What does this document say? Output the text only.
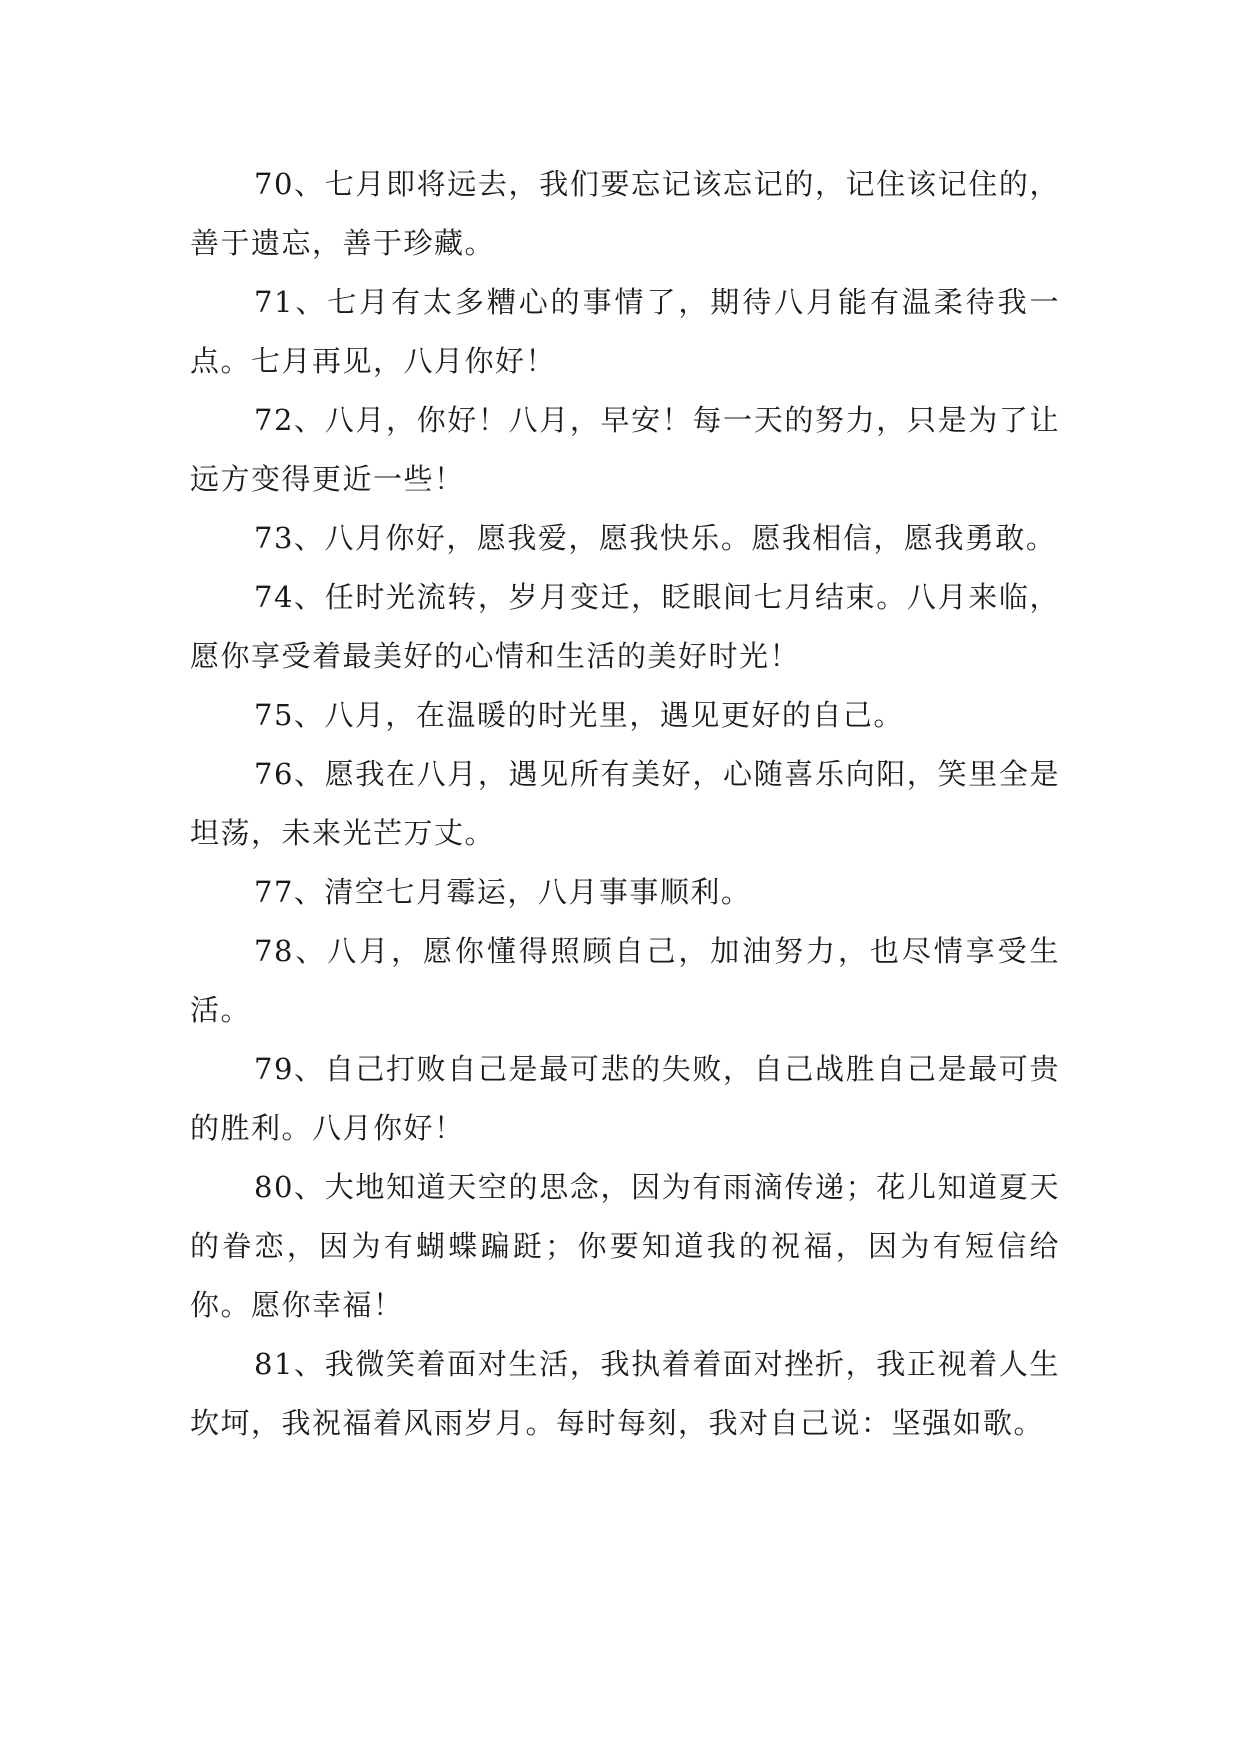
70、七月即将远去，我们要忘记该忘记的，记住该记住的，善于遗忘，善于珍藏。

71、七月有太多糟心的事情了，期待八月能有温柔待我一点。七月再见，八月你好！

72、八月，你好！八月，早安！每一天的努力，只是为了让远方变得更近一些！

73、八月你好，愿我爱，愿我快乐。愿我相信，愿我勇敢。

74、任时光流转，岁月变迁，眨眼间七月结束。八月来临，愿你享受着最美好的心情和生活的美好时光！

75、八月，在温暖的时光里，遇见更好的自己。

76、愿我在八月，遇见所有美好，心随喜乐向阳，笑里全是坦荡，未来光芒万丈。

77、清空七月霉运，八月事事顺利。

78、八月，愿你懂得照顾自己，加油努力，也尽情享受生活。

79、自己打败自己是最可悲的失败，自己战胜自己是最可贵的胜利。八月你好！

80、大地知道天空的思念，因为有雨滴传递；花儿知道夏天的眷恋，因为有蝴蝶蹁跹；你要知道我的祝福，因为有短信给你。愿你幸福！

81、我微笑着面对生活，我执着着面对挫折，我正视着人生坎坷，我祝福着风雨岁月。每时每刻，我对自己说：坚强如歌。
